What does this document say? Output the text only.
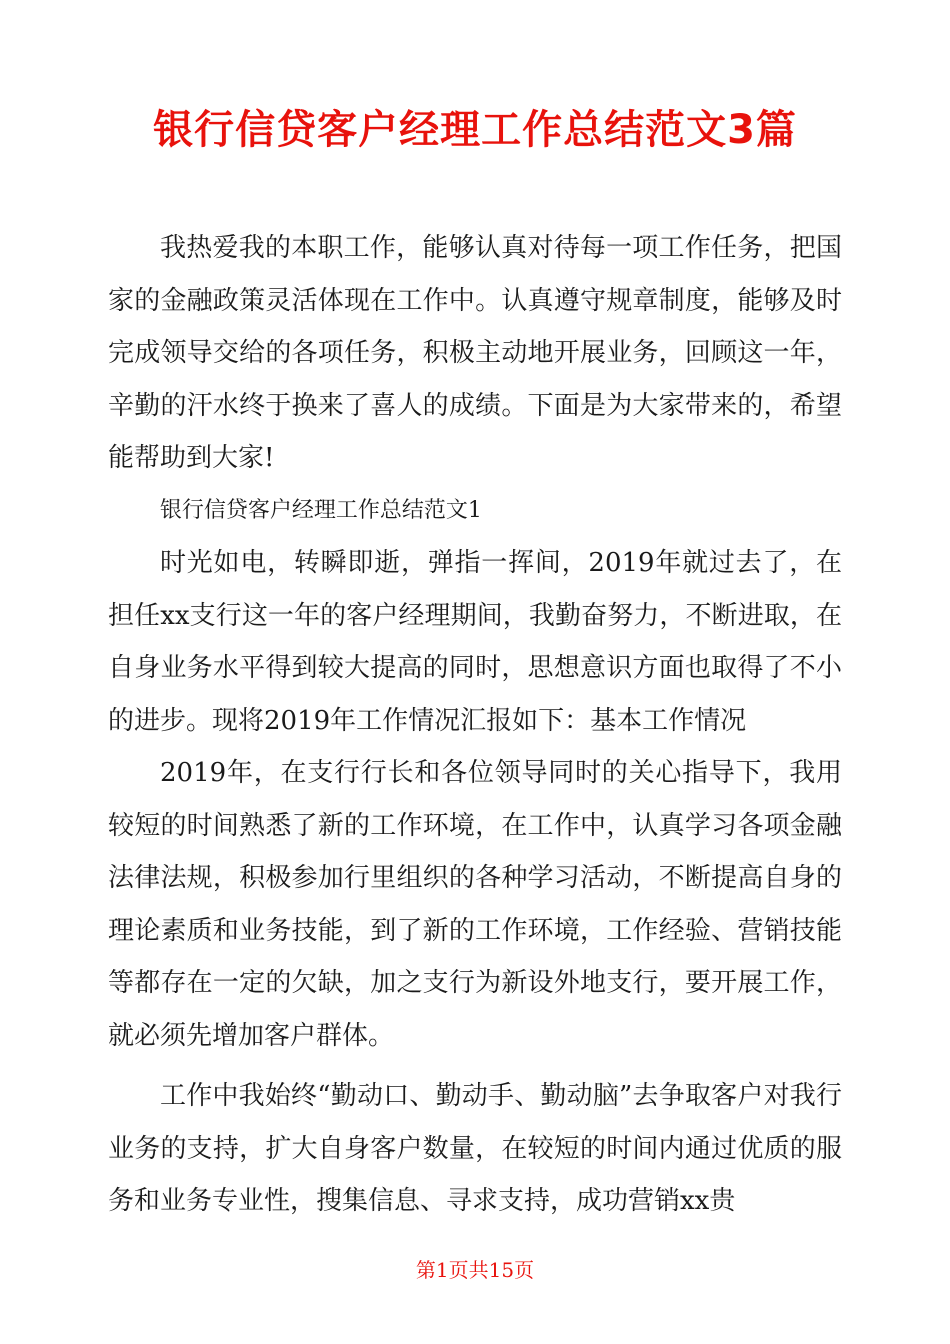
银行信贷客户经理工作总结范文3篇

我热爱我的本职工作，能够认真对待每一项工作任务，把国家的金融政策灵活体现在工作中。认真遵守规章制度，能够及时完成领导交给的各项任务，积极主动地开展业务，回顾这一年，辛勤的汗水终于换来了喜人的成绩。下面是为大家带来的，希望能帮助到大家!

银行信贷客户经理工作总结范文1

时光如电，转瞬即逝，弹指一挥间，2019年就过去了，在担任xx支行这一年的客户经理期间，我勤奋努力，不断进取，在自身业务水平得到较大提高的同时，思想意识方面也取得了不小的进步。现将2019年工作情况汇报如下：基本工作情况

2019年，在支行行长和各位领导同时的关心指导下，我用较短的时间熟悉了新的工作环境，在工作中，认真学习各项金融法律法规，积极参加行里组织的各种学习活动，不断提高自身的理论素质和业务技能，到了新的工作环境，工作经验、营销技能等都存在一定的欠缺，加之支行为新设外地支行，要开展工作，就必须先增加客户群体。

工作中我始终“勤动口、勤动手、勤动脑”去争取客户对我行业务的支持，扩大自身客户数量，在较短的时间内通过优质的服务和业务专业性，搜集信息、寻求支持，成功营销xx贵

第1页共15页
